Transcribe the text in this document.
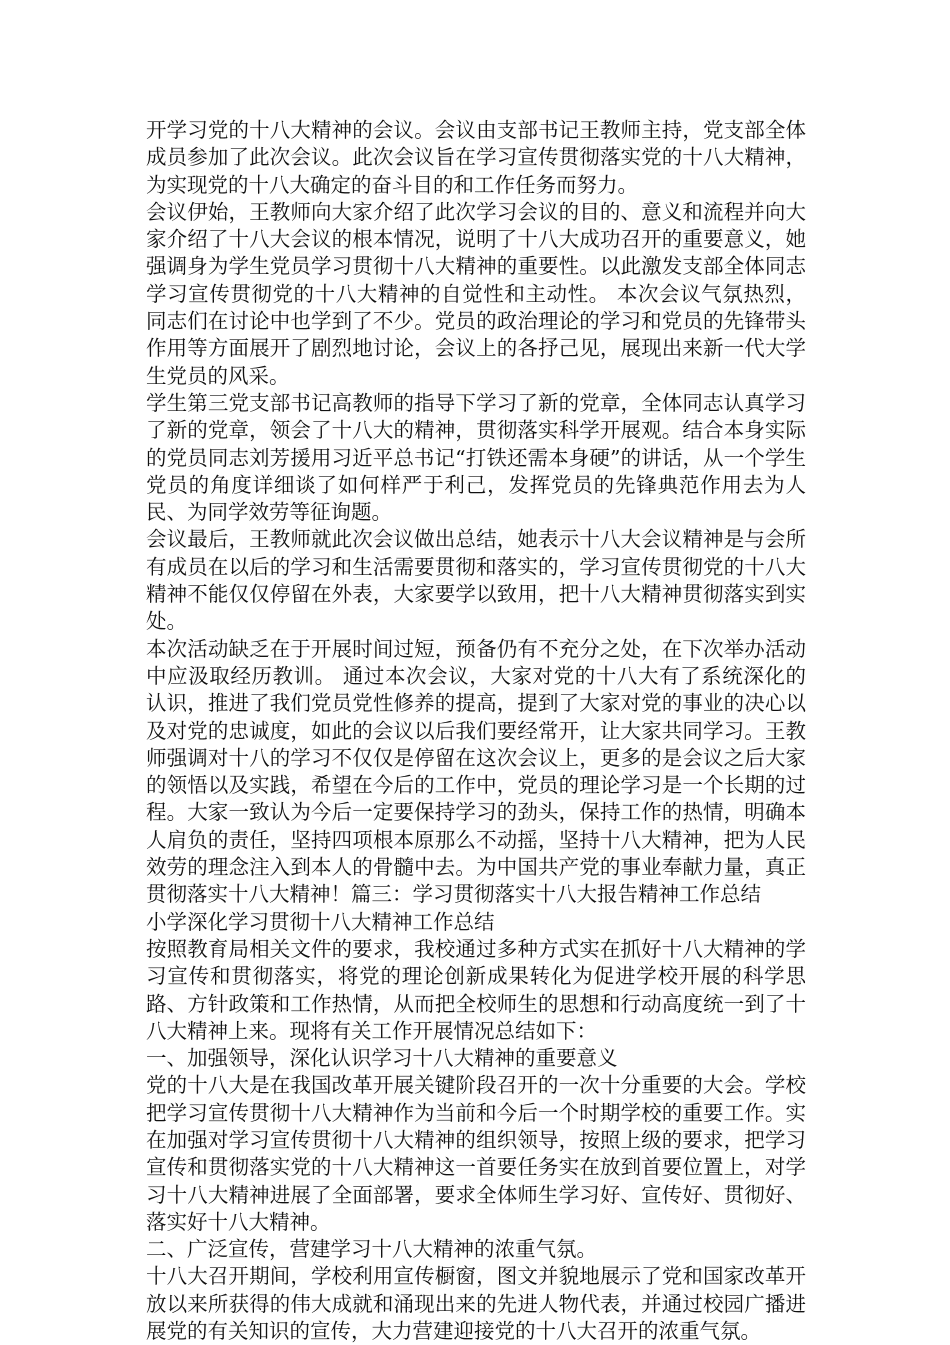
开学习党的十八大精神的会议。会议由支部书记王教师主持，党支部全体成员参加了此次会议。此次会议旨在学习宣传贯彻落实党的十八大精神，为实现党的十八大确定的奋斗目的和工作任务而努力。

会议伊始，王教师向大家介绍了此次学习会议的目的、意义和流程并向大家介绍了十八大会议的根本情况，说明了十八大成功召开的重要意义，她强调身为学生党员学习贯彻十八大精神的重要性。以此激发支部全体同志学习宣传贯彻党的十八大精神的自觉性和主动性。 本次会议气氛热烈，同志们在讨论中也学到了不少。党员的政治理论的学习和党员的先锋带头作用等方面展开了剧烈地讨论，会议上的各抒己见，展现出来新一代大学生党员的风采。

学生第三党支部书记高教师的指导下学习了新的党章，全体同志认真学习了新的党章，领会了十八大的精神，贯彻落实科学开展观。结合本身实际的党员同志刘芳援用习近平总书记“打铁还需本身硬”的讲话，从一个学生党员的角度详细谈了如何样严于利己，发挥党员的先锋典范作用去为人民、为同学效劳等征询题。

会议最后，王教师就此次会议做出总结，她表示十八大会议精神是与会所有成员在以后的学习和生活需要贯彻和落实的，学习宣传贯彻党的十八大精神不能仅仅停留在外表，大家要学以致用，把十八大精神贯彻落实到实处。

本次活动缺乏在于开展时间过短，预备仍有不充分之处，在下次举办活动中应汲取经历教训。 通过本次会议，大家对党的十八大有了系统深化的认识，推进了我们党员党性修养的提高，提到了大家对党的事业的决心以及对党的忠诚度，如此的会议以后我们要经常开，让大家共同学习。王教师强调对十八的学习不仅仅是停留在这次会议上，更多的是会议之后大家的领悟以及实践，希望在今后的工作中，党员的理论学习是一个长期的过程。大家一致认为今后一定要保持学习的劲头，保持工作的热情，明确本人肩负的责任，坚持四项根本原那么不动摇，坚持十八大精神，把为人民效劳的理念注入到本人的骨髓中去。为中国共产党的事业奉献力量，真正贯彻落实十八大精神！篇三：学习贯彻落实十八大报告精神工作总结

小学深化学习贯彻十八大精神工作总结

按照教育局相关文件的要求，我校通过多种方式实在抓好十八大精神的学习宣传和贯彻落实，将党的理论创新成果转化为促进学校开展的科学思路、方针政策和工作热情，从而把全校师生的思想和行动高度统一到了十八大精神上来。现将有关工作开展情况总结如下：

一、加强领导，深化认识学习十八大精神的重要意义

党的十八大是在我国改革开展关键阶段召开的一次十分重要的大会。学校把学习宣传贯彻十八大精神作为当前和今后一个时期学校的重要工作。实在加强对学习宣传贯彻十八大精神的组织领导，按照上级的要求，把学习宣传和贯彻落实党的十八大精神这一首要任务实在放到首要位置上，对学习十八大精神进展了全面部署，要求全体师生学习好、宣传好、贯彻好、落实好十八大精神。

二、广泛宣传，营建学习十八大精神的浓重气氛。

十八大召开期间，学校利用宣传橱窗，图文并貌地展示了党和国家改革开放以来所获得的伟大成就和涌现出来的先进人物代表，并通过校园广播进展党的有关知识的宣传，大力营建迎接党的十八大召开的浓重气氛。
